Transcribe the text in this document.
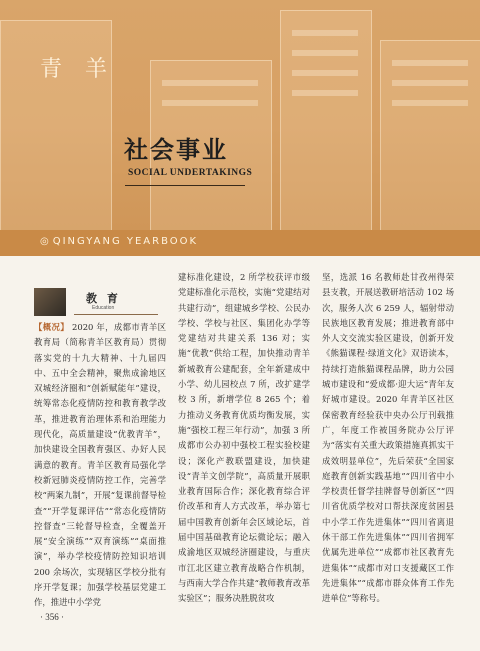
青 羊
社会事业
SOCIAL UNDERTAKINGS
◎ QINGYANG YEARBOOK
教 育
Education
【概况】 2020 年，成都市青羊区教育局（简称青羊区教育局）贯彻落实党的十九大精神、十九届四中、五中全会精神，聚焦成渝地区双城经济圈和“创新赋能年”建设，统筹常态化疫情防控和教育教学改革，推进教育治理体系和治理能力现代化，高质量建设“优教青羊”，加快建设全国教育强区、办好人民满意的教育。青羊区教育局强化学校新冠肺炎疫情防控工作，完善学校“两案九制”，开展“复课前督导检查”“开学复课评估”“常态化疫情防控督查”三轮督导检查，全覆盖开展“安全演练”“双育演练”“桌面推演”，举办学校疫情防控知识培训 200 余场次，实现辖区学校分批有序开学复课；加强学校基层党建工作，推进中小学党
建标准化建设，2 所学校获评市级党建标准化示范校，实施“党建结对共建行动”，组建城乡学校、公民办学校、学校与社区、集团化办学等党建结对共建关系 136 对；实施“优教”供给工程，加快推动青羊新城教育公建配套，全年新建成中小学、幼儿园校点 7 所，改扩建学校 3 所，新增学位 8 265 个；着力推动义务教育优质均衡发展，实施“强校工程三年行动”，加强 3 所成都市公办初中强校工程实验校建设；深化产教联盟建设，加快建设“青羊文创学院”，高质量开展职业教育国际合作；深化教育综合评价改革和育人方式改革，举办第七届中国教育创新年会区域论坛，首届中国基础教育论坛微论坛；融入成渝地区双城经济圈建设，与重庆市江北区建立教育战略合作机制，与西南大学合作共建“教师教育改革实验区”；服务决胜脱贫攻
坚，选派 16 名教师赴甘孜州得荣县支教，开展送教研培活动 102 场次，服务人次 6 259 人，辐射带动民族地区教育发展；推进教育部中外人文交流实验区建设，创新开发《熊猫课程·绿道文化》双语读本，持续打造熊猫课程品牌，助力公园城市建设和“爱成都·迎大运”青年友好城市建设。2020 年青羊区社区保密教育经验获中央办公厅刊载推广，年度工作被国务院办公厅评为“落实有关重大政策措施真抓实干成效明显单位”，先后荣获“全国家庭教育创新实践基地”“四川省中小学校责任督学挂牌督导创新区”“四川省优质学校对口帮扶深度贫困县中小学工作先进集体”“四川省离退休干部工作先进集体”“四川省拥军优属先进单位”“成都市社区教育先进集体”“成都市对口支援藏区工作先进集体”“成都市群众体育工作先进单位”等称号。
· 356 ·
